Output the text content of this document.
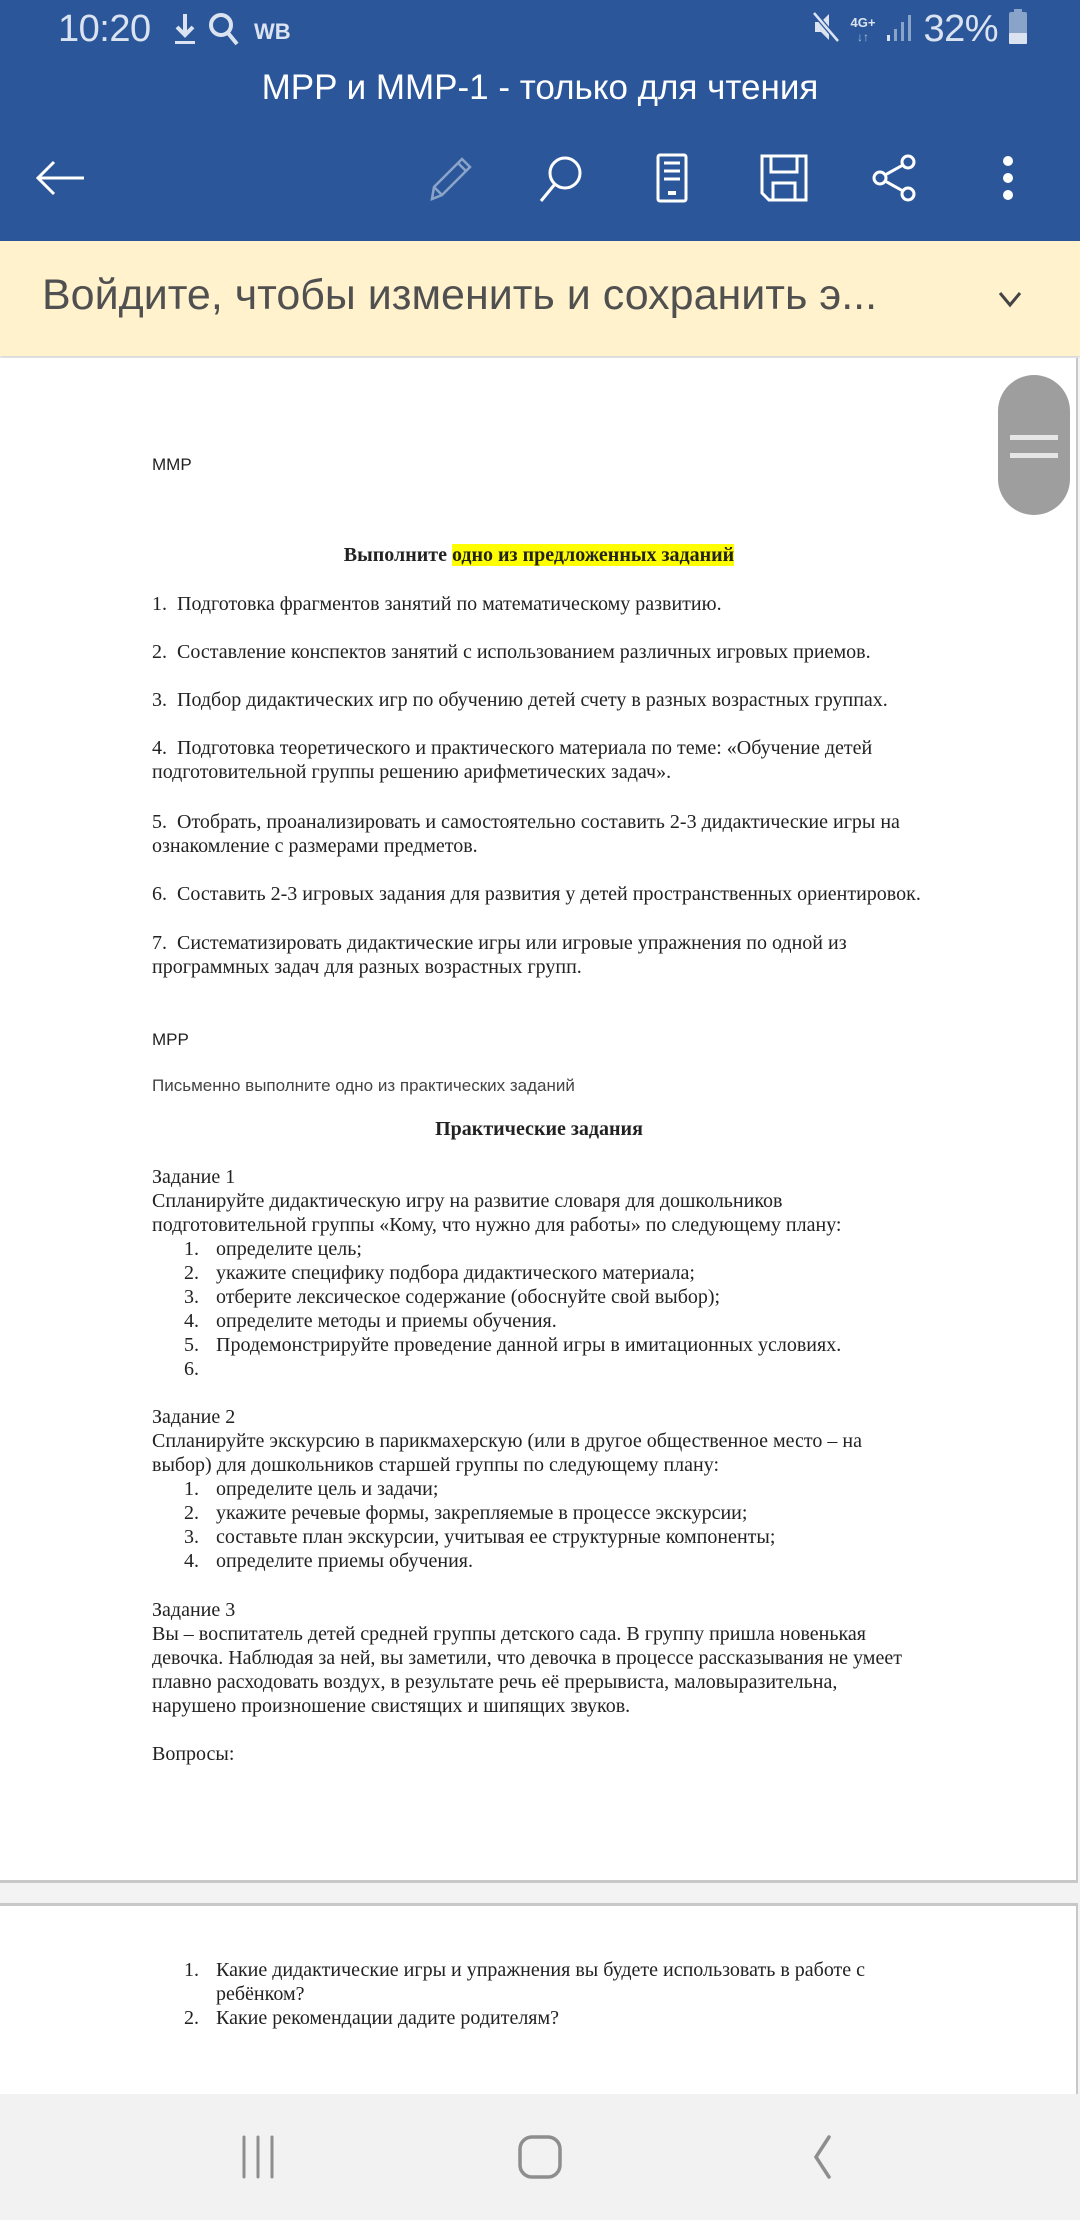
10:20	WB	4G+
↓↑ 32%
MPP и MMP-1 - только для чтения
Войдите, чтобы изменить и сохранить э...
MMP
Выполните одно из предложенных заданий
1. Подготовка фрагментов занятий по математическому развитию.
2. Составление конспектов занятий с использованием различных игровых приемов.
3. Подбор дидактических игр по обучению детей счету в разных возрастных группах.
4. Подготовка теоретического и практического материала по теме: «Обучение детей
подготовительной группы решению арифметических задач».
5. Отобрать, проанализировать и самостоятельно составить 2-3 дидактические игры на
ознакомление с размерами предметов.
6. Составить 2-3 игровых задания для развития у детей пространственных ориентировок.
7. Систематизировать дидактические игры или игровые упражнения по одной из
программных задач для разных возрастных групп.
MPP
Письменно выполните одно из практических заданий
Практические задания
Задание 1
Спланируйте дидактическую игру на развитие словаря для дошкольников
подготовительной группы «Кому, что нужно для работы» по следующему плану:
1. определите цель;
2. укажите специфику подбора дидактического материала;
3. отберите лексическое содержание (обоснуйте свой выбор);
4. определите методы и приемы обучения.
5. Продемонстрируйте проведение данной игры в имитационных условиях.
6.
Задание 2
Спланируйте экскурсию в парикмахерскую (или в другое общественное место – на
выбор) для дошкольников старшей группы по следующему плану:
1. определите цель и задачи;
2. укажите речевые формы, закрепляемые в процессе экскурсии;
3. составьте план экскурсии, учитывая ее структурные компоненты;
4. определите приемы обучения.
Задание 3
Вы – воспитатель детей средней группы детского сада. В группу пришла новенькая
девочка. Наблюдая за ней, вы заметили, что девочка в процессе рассказывания не умеет
плавно расходовать воздух, в результате речь её прерывиста, маловыразительна,
нарушено произношение свистящих и шипящих звуков.
Вопросы:
1. Какие дидактические игры и упражнения вы будете использовать в работе с
ребёнком?
2. Какие рекомендации дадите родителям?
